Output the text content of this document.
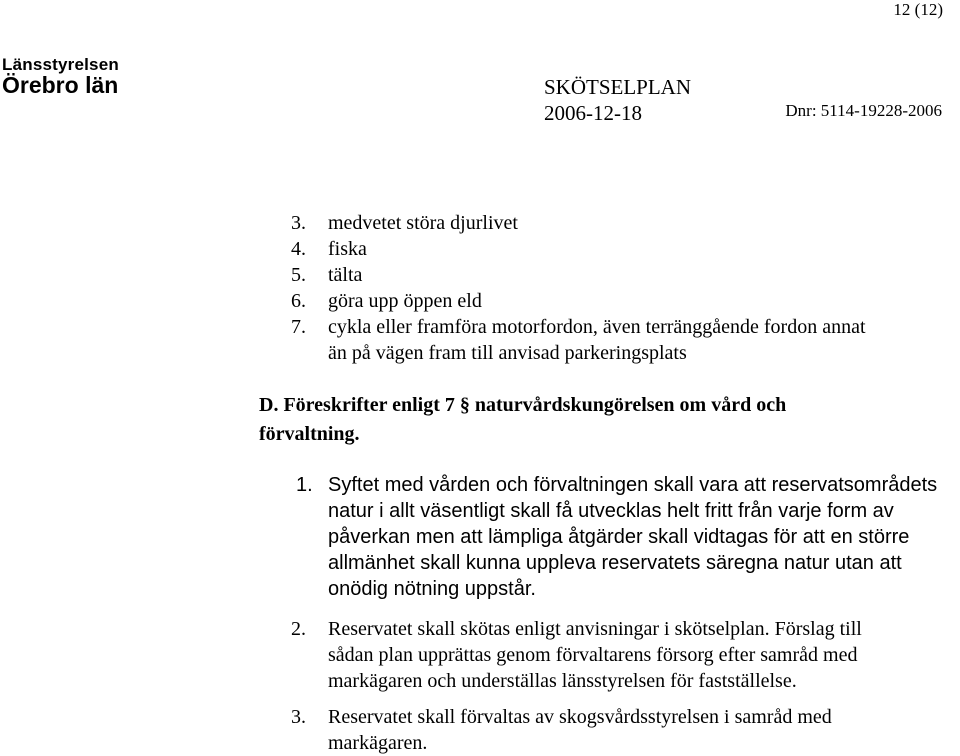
12 (12)
Länsstyrelsen
Örebro län	SKÖTSELPLAN
2006-12-18	Dnr: 5114-19228-2006
3.	medvetet störa djurlivet
4.	fiska
5.	tälta
6.	göra upp öppen eld
7.	cykla eller framföra motorfordon, även terränggående fordon annat
än på vägen fram till anvisad parkeringsplats
D. Föreskrifter enligt 7 § naturvårdskungörelsen om vård och
förvaltning.
1. Syftet med vården och förvaltningen skall vara att reservatsområdets
natur i allt väsentligt skall få utvecklas helt fritt från varje form av
påverkan men att lämpliga åtgärder skall vidtagas för att en större
allmänhet skall kunna uppleva reservatets säregna natur utan att
onödig nötning uppstår.
2.	Reservatet skall skötas enligt anvisningar i skötselplan. Förslag till
sådan plan upprättas genom förvaltarens försorg efter samråd med
markägaren och underställas länsstyrelsen för fastställelse.
3.	Reservatet skall förvaltas av skogsvårdsstyrelsen i samråd med
markägaren.
